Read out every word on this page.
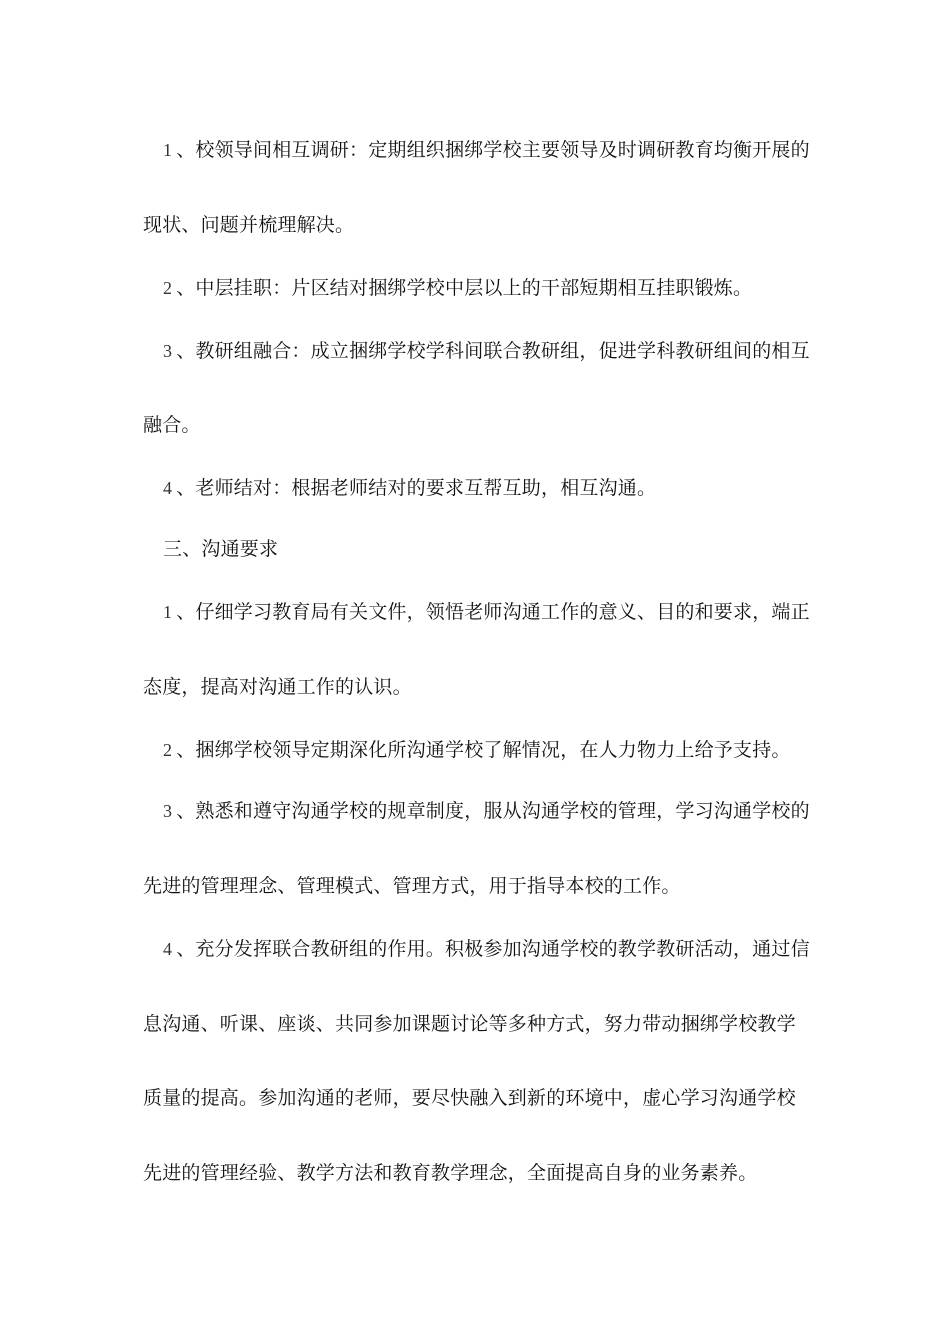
1 、校领导间相互调研：定期组织捆绑学校主要领导及时调研教育均衡开展的
现状、问题并梳理解决。
2 、中层挂职：片区结对捆绑学校中层以上的干部短期相互挂职锻炼。
3 、教研组融合：成立捆绑学校学科间联合教研组，促进学科教研组间的相互
融合。
4 、老师结对：根据老师结对的要求互帮互助，相互沟通。
三、沟通要求
1 、仔细学习教育局有关文件，领悟老师沟通工作的意义、目的和要求，端正
态度，提高对沟通工作的认识。
2 、捆绑学校领导定期深化所沟通学校了解情况，在人力物力上给予支持。
3 、熟悉和遵守沟通学校的规章制度，服从沟通学校的管理，学习沟通学校的
先进的管理理念、管理模式、管理方式，用于指导本校的工作。
4 、充分发挥联合教研组的作用。积极参加沟通学校的教学教研活动，通过信
息沟通、听课、座谈、共同参加课题讨论等多种方式，努力带动捆绑学校教学
质量的提高。参加沟通的老师，要尽快融入到新的环境中，虚心学习沟通学校
先进的管理经验、教学方法和教育教学理念，全面提高自身的业务素养。
